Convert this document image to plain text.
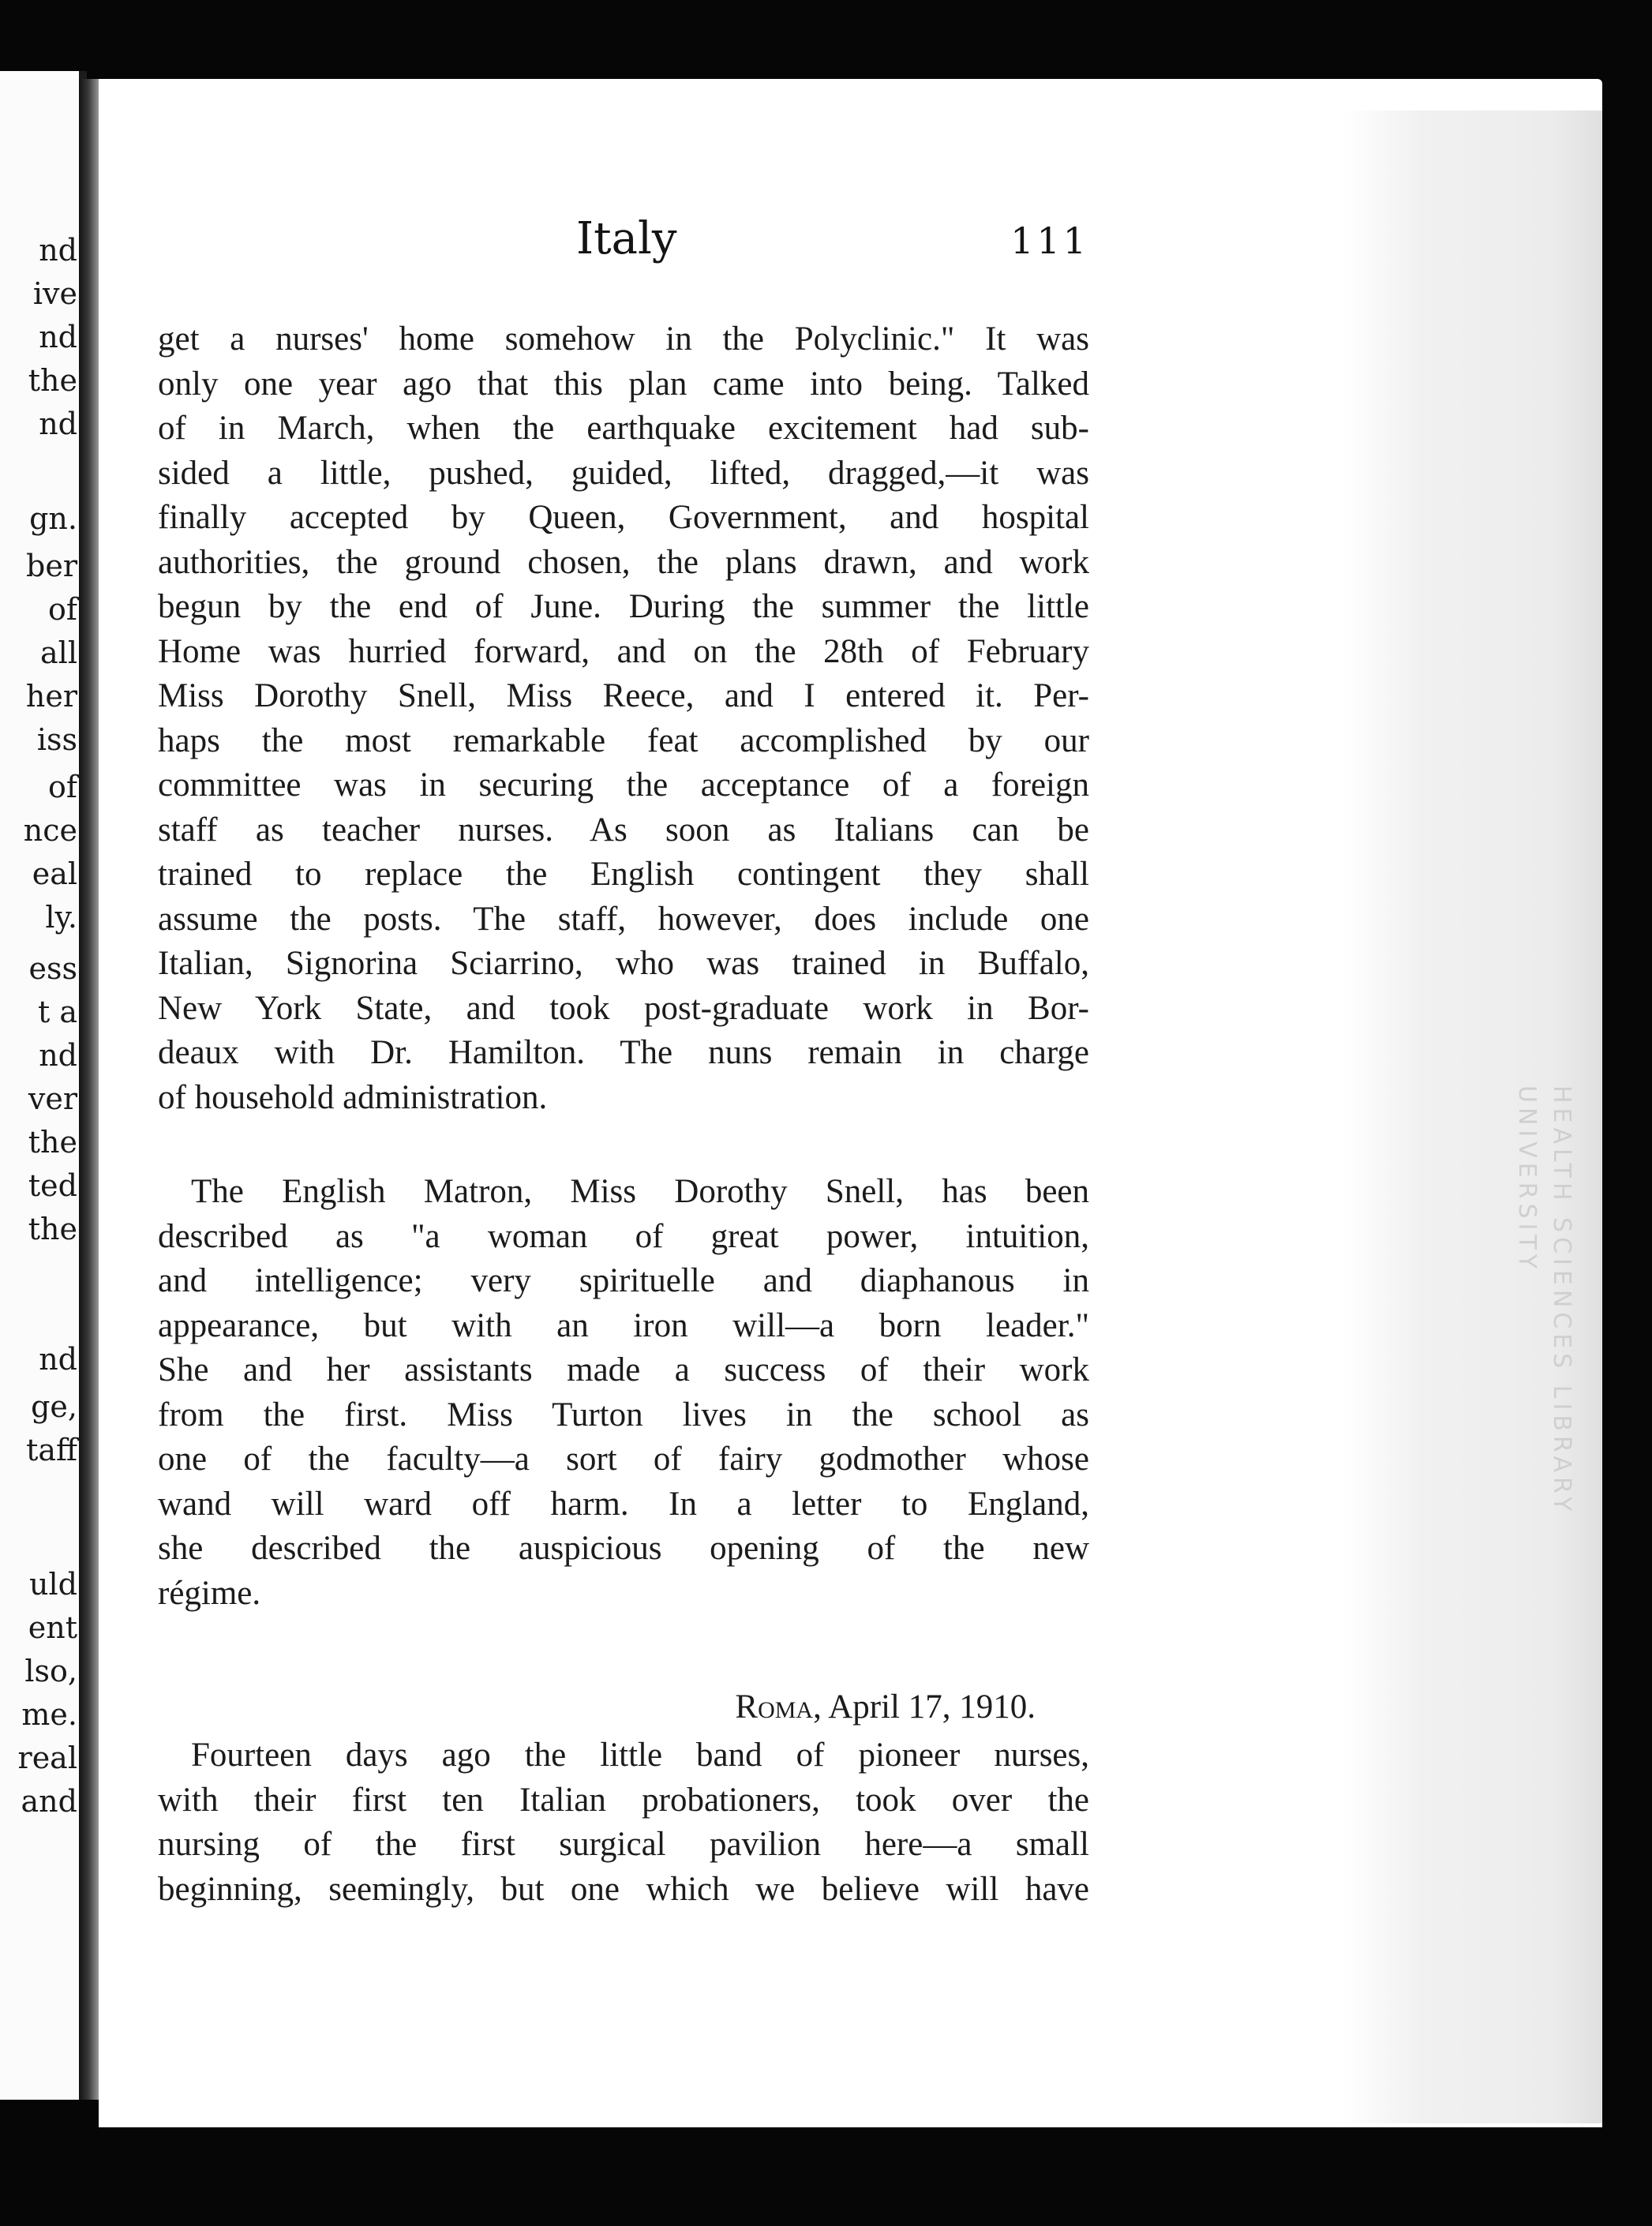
nd
ive
nd
the
nd
gn.
ber
of
all
her
iss
of
nce
eal
ly.
ess
t a
nd
ver
the
ted
the
nd
ge,
taff
uld
ent
lso,
me.
real
and
HEALTH SCIENCES LIBRARY
UNIVERSITY
Italy	111
get a nurses' home somehow in the Polyclinic." It was
only one year ago that this plan came into being. Talked
of in March, when the earthquake excitement had sub-
sided a little, pushed, guided, lifted, dragged,—it was
finally accepted by Queen, Government, and hospital
authorities, the ground chosen, the plans drawn, and work
begun by the end of June. During the summer the little
Home was hurried forward, and on the 28th of February
Miss Dorothy Snell, Miss Reece, and I entered it. Per-
haps the most remarkable feat accomplished by our
committee was in securing the acceptance of a foreign
staff as teacher nurses. As soon as Italians can be
trained to replace the English contingent they shall
assume the posts. The staff, however, does include one
Italian, Signorina Sciarrino, who was trained in Buffalo,
New York State, and took post-graduate work in Bor-
deaux with Dr. Hamilton. The nuns remain in charge
of household administration.
The English Matron, Miss Dorothy Snell, has been
described as "a woman of great power, intuition,
and intelligence; very spirituelle and diaphanous in
appearance, but with an iron will—a born leader."
She and her assistants made a success of their work
from the first. Miss Turton lives in the school as
one of the faculty—a sort of fairy godmother whose
wand will ward off harm. In a letter to England,
she described the auspicious opening of the new
régime.
Roma, April 17, 1910.
Fourteen days ago the little band of pioneer nurses,
with their first ten Italian probationers, took over the
nursing of the first surgical pavilion here—a small
beginning, seemingly, but one which we believe will have
